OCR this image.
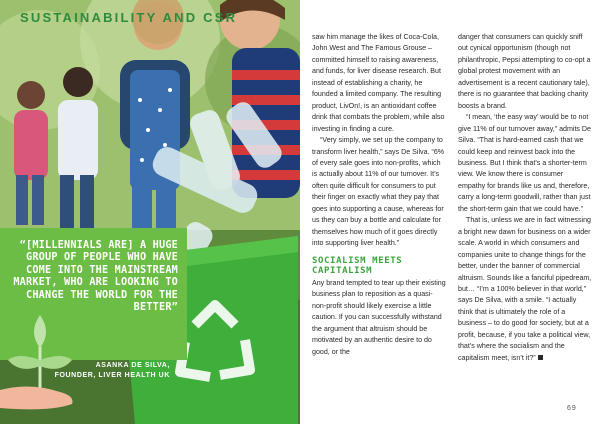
SUSTAINABILITY AND CSR
“[MILLENNIALS ARE] A HUGE GROUP OF PEOPLE WHO HAVE COME INTO THE MAINSTREAM MARKET, WHO ARE LOOKING TO CHANGE THE WORLD FOR THE BETTER”
ASANKA DE SILVA,
FOUNDER, LIVER HEALTH UK

saw him manage the likes of Coca-Cola, John West and The Famous Grouse – committed himself to raising awareness, and funds, for liver disease research. But instead of establishing a charity, he founded a limited company. The resulting product, LivOn!, is an antioxidant coffee drink that combats the problem, while also investing in finding a cure.

“Very simply, we set up the company to transform liver health,” says De Silva. “6% of every sale goes into non-profits, which is actually about 11% of our turnover. It’s often quite difficult for consumers to put their finger on exactly what they pay that goes into supporting a cause, whereas for us they can buy a bottle and calculate for themselves how much of it goes directly into supporting liver health.”

SOCIALISM MEETS CAPITALISM

Any brand tempted to tear up their existing business plan to reposition as a quasi-non-profit should likely exercise a little caution. If you can successfully withstand the argument that altruism should be motivated by an authentic desire to do good, or the

danger that consumers can quickly sniff out cynical opportunism (though not philanthropic, Pepsi attempting to co-opt a global protest movement with an advertisement is a recent cautionary tale), there is no guarantee that backing charity boosts a brand.

“I mean, ‘the easy way’ would be to not give 11% of our turnover away,” admits De Silva. “That is hard-earned cash that we could keep and reinvest back into the business. But I think that’s a shorter-term view. We know there is consumer empathy for brands like us and, therefore, carry a long-term goodwill, rather than just the short-term gain that we could have.”

That is, unless we are in fact witnessing a bright new dawn for business on a wider scale. A world in which consumers and companies unite to change things for the better, under the banner of commercial altruism. Sounds like a fanciful pipedream, but… “I’m a 100% believer in that world,” says De Silva, with a smile. “I actually think that is ultimately the role of a business – to do good for society, but at a profit, because, if you take a political view, that’s where the socialism and the capitalism meet, isn’t it?”

69
